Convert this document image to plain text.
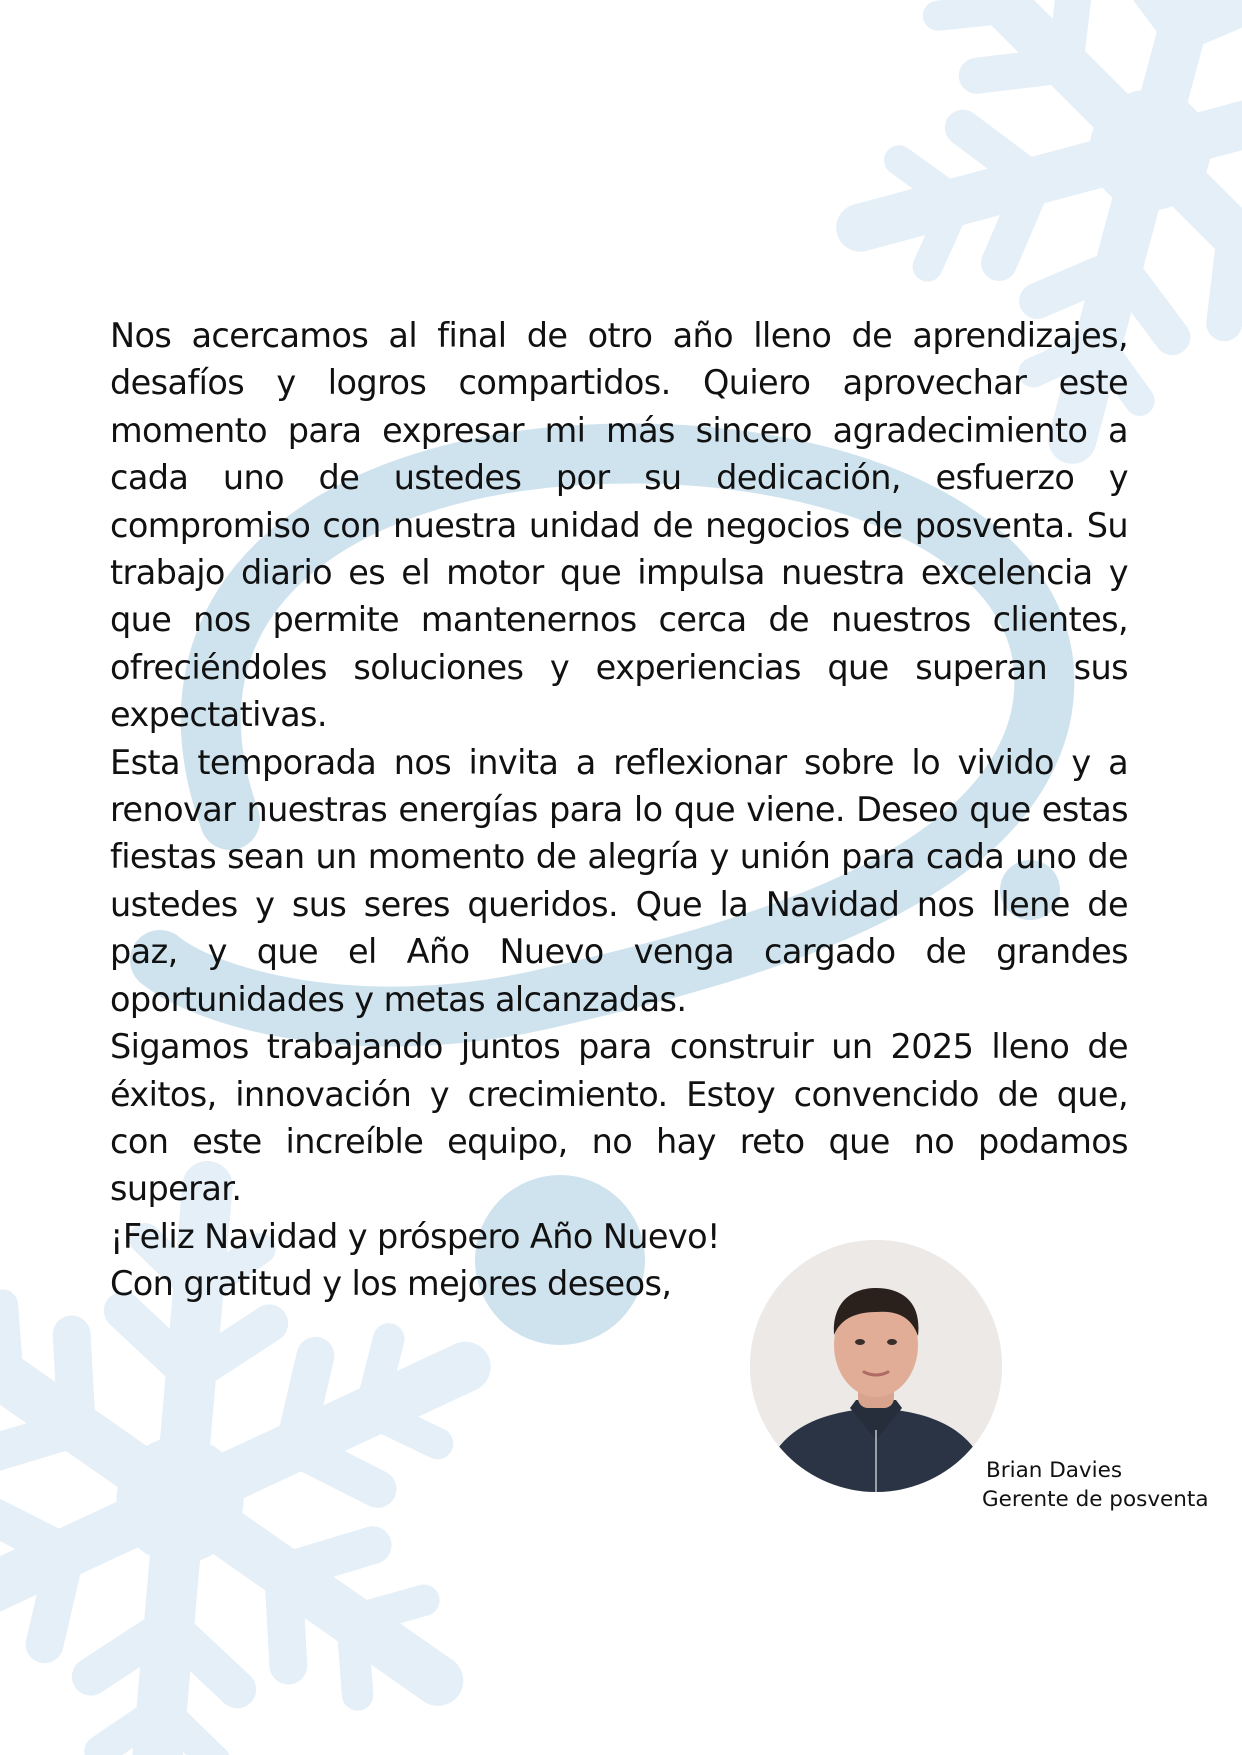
Nos acercamos al final de otro año lleno de aprendizajes, desafíos y logros compartidos. Quiero aprovechar este momento para expresar mi más sincero agradecimiento a cada uno de ustedes por su dedicación, esfuerzo y compromiso con nuestra unidad de negocios de posventa. Su trabajo diario es el motor que impulsa nuestra excelencia y que nos permite mantenernos cerca de nuestros clientes, ofreciéndoles soluciones y experiencias que superan sus expectativas.

Esta temporada nos invita a reflexionar sobre lo vivido y a renovar nuestras energías para lo que viene. Deseo que estas fiestas sean un momento de alegría y unión para cada uno de ustedes y sus seres queridos. Que la Navidad nos llene de paz, y que el Año Nuevo venga cargado de grandes oportunidades y metas alcanzadas.

Sigamos trabajando juntos para construir un 2025 lleno de éxitos, innovación y crecimiento. Estoy convencido de que, con este increíble equipo, no hay reto que no podamos superar.

¡Feliz Navidad y próspero Año Nuevo!

Con gratitud y los mejores deseos,

Brian Davies
Gerente de posventa
